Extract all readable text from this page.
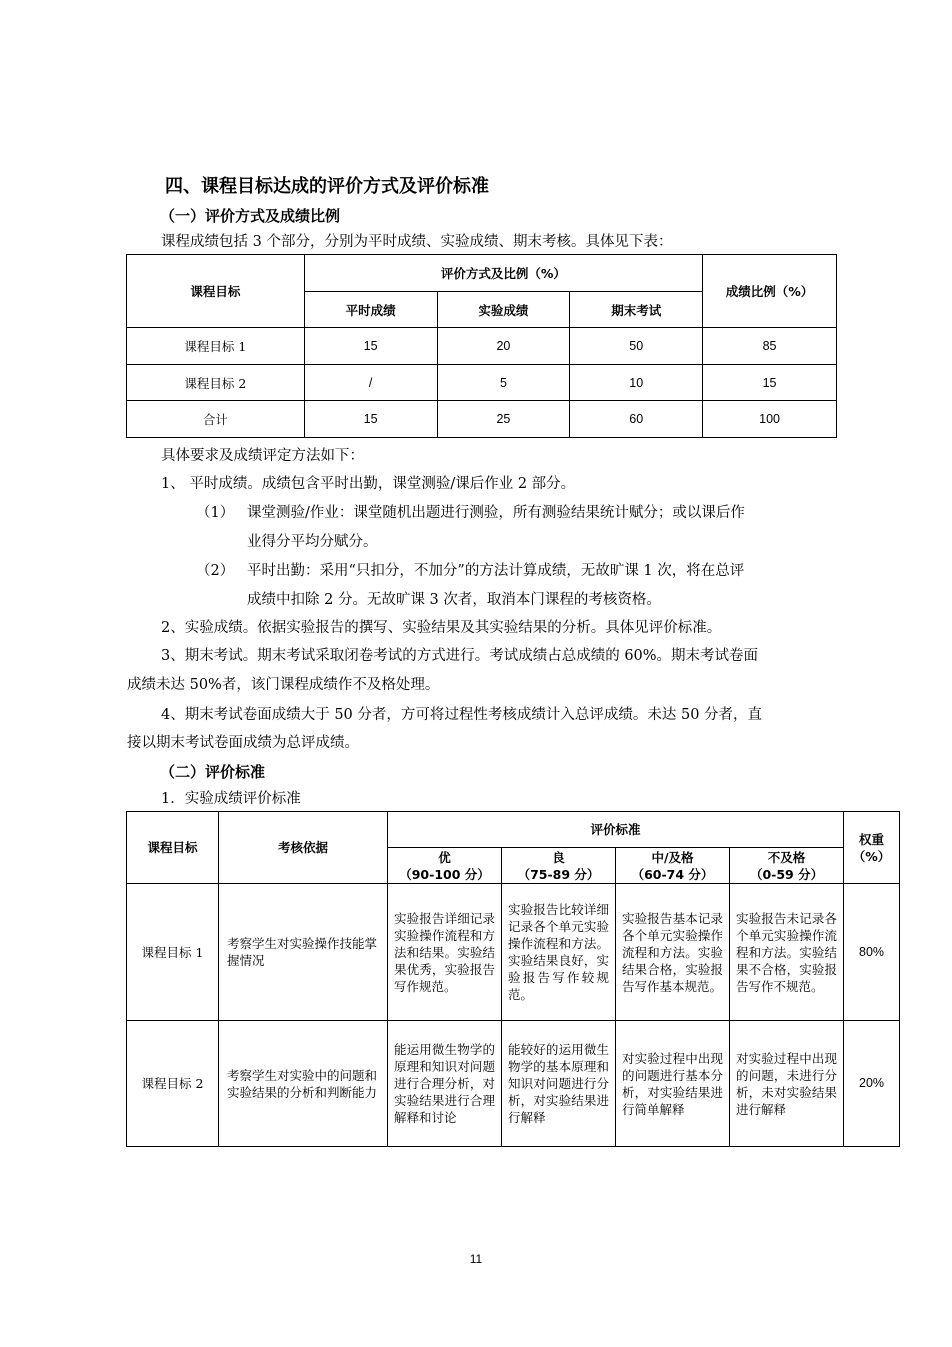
四、课程目标达成的评价方式及评价标准
（一）评价方式及成绩比例
课程成绩包括 3 个部分，分别为平时成绩、实验成绩、期末考核。具体见下表：
课程目标	评价方式及比例（%）			成绩比例（%）
	平时成绩	实验成绩	期末考试	
课程目标 1	15	20	50	85
课程目标 2	/	5	10	15
合计	15	25	60	100
具体要求及成绩评定方法如下：
1、 平时成绩。成绩包含平时出勤，课堂测验/课后作业 2 部分。
（1） 课堂测验/作业：课堂随机出题进行测验，所有测验结果统计赋分；或以课后作
业得分平均分赋分。
（2） 平时出勤：采用“只扣分，不加分”的方法计算成绩，无故旷课 1 次，将在总评
成绩中扣除 2 分。无故旷课 3 次者，取消本门课程的考核资格。
2、实验成绩。依据实验报告的撰写、实验结果及其实验结果的分析。具体见评价标准。
3、期末考试。期末考试采取闭卷考试的方式进行。考试成绩占总成绩的 60%。期末考试卷面
成绩未达 50%者，该门课程成绩作不及格处理。
4、期末考试卷面成绩大于 50 分者，方可将过程性考核成绩计入总评成绩。未达 50 分者，直
接以期末考试卷面成绩为总评成绩。
（二）评价标准
1．实验成绩评价标准
课程目标	考核依据	评价标准				权重
（%）
		优
（90-100 分）	良
（75-89 分）	中/及格
（60-74 分）	不及格
（0-59 分）	
课程目标 1	考察学生对实验操作技能掌握情况	实验报告详细记录实验操作流程和方法和结果。实验结果优秀，实验报告写作规范。	实验报告比较详细记录各个单元实验操作流程和方法。实验结果良好，实验报告写作较规范。	实验报告基本记录各个单元实验操作流程和方法。实验结果合格，实验报告写作基本规范。	实验报告未记录各个单元实验操作流程和方法。实验结果不合格，实验报告写作不规范。	80%
课程目标 2	考察学生对实验中的问题和实验结果的分析和判断能力	能运用微生物学的原理和知识对问题进行合理分析，对实验结果进行合理解释和讨论	能较好的运用微生物学的基本原理和知识对问题进行分析，对实验结果进行解释	对实验过程中出现的问题进行基本分析，对实验结果进行简单解释	对实验过程中出现的问题，未进行分析，未对实验结果进行解释	20%
11
